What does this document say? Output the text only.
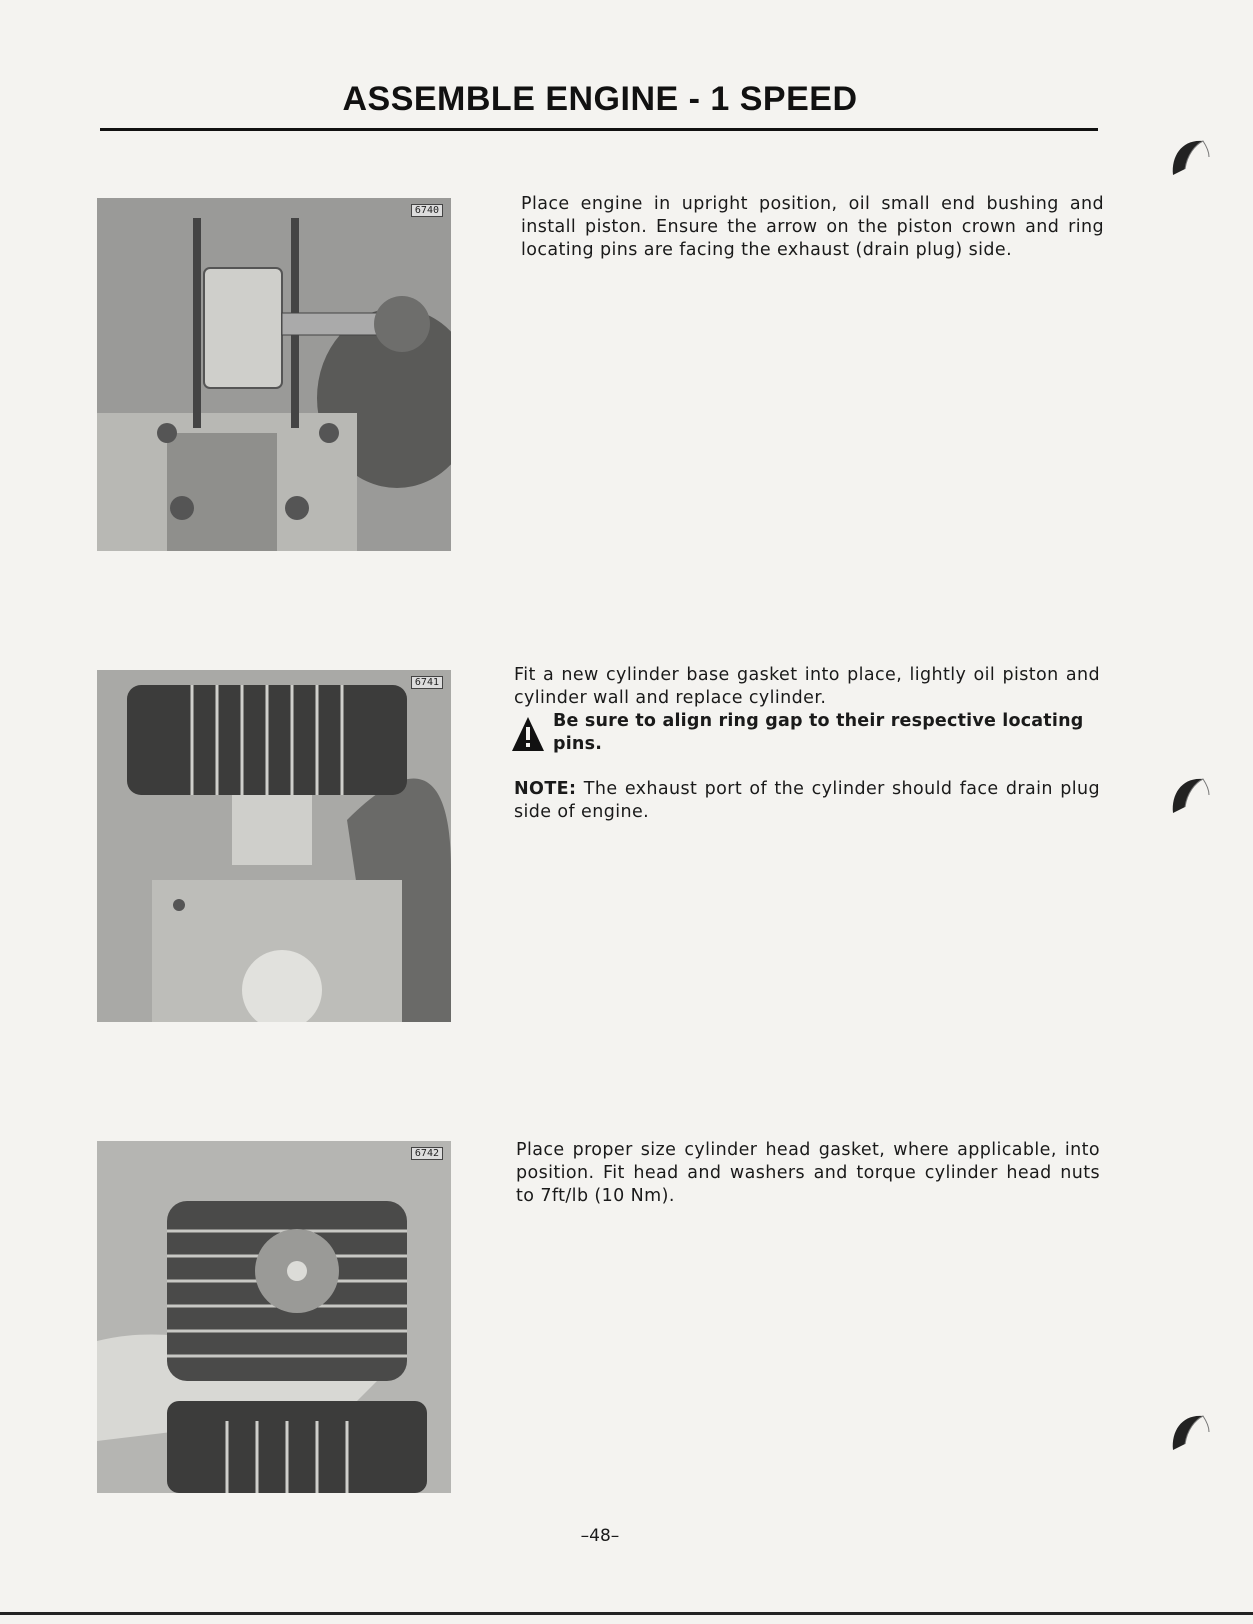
ASSEMBLE ENGINE - 1 SPEED
6740	Place engine in upright position, oil small end bushing and install piston. Ensure the arrow on the piston crown and ring locating pins are facing the exhaust (drain plug) side.

6741	Fit a new cylinder base gasket into place, lightly oil piston and cylinder wall and replace cylinder.

Be sure to align ring gap to their respective locating pins.

NOTE: The exhaust port of the cylinder should face drain plug side of engine.

6742	Place proper size cylinder head gasket, where applicable, into position. Fit head and washers and torque cylinder head nuts to 7ft/lb (10 Nm).

–48–
